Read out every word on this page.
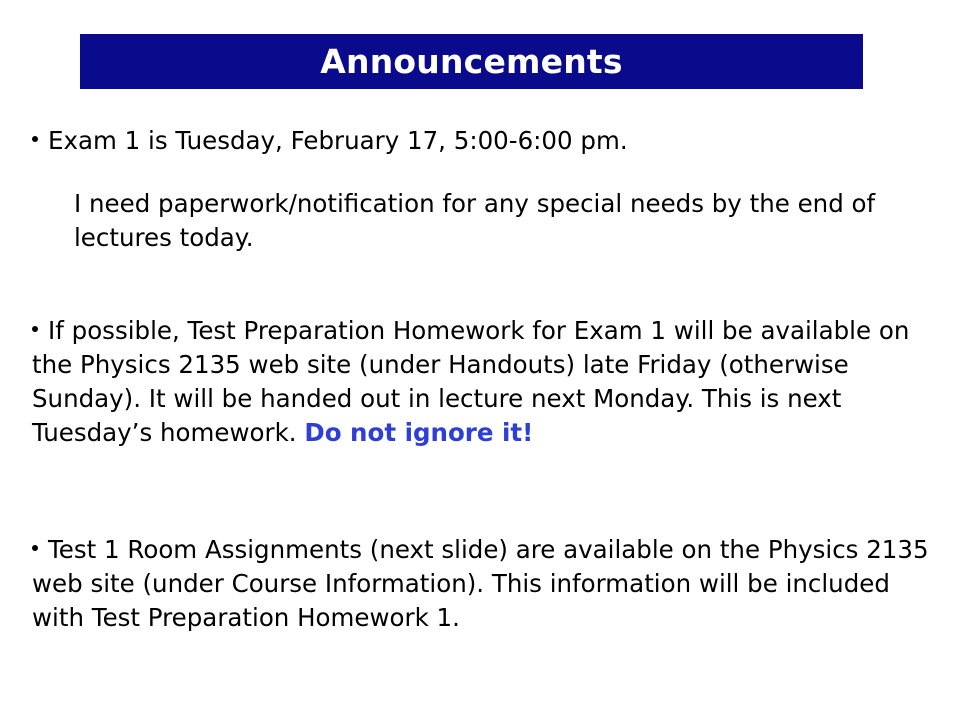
Announcements

Exam 1 is Tuesday, February 17, 5:00-6:00 pm.

I need paperwork/notification for any special needs by the end of lectures today.

If possible, Test Preparation Homework for Exam 1 will be available on the Physics 2135 web site (under Handouts) late Friday (otherwise Sunday). It will be handed out in lecture next Monday. This is next Tuesday’s homework. Do not ignore it!

Test 1 Room Assignments (next slide) are available on the Physics 2135 web site (under Course Information). This information will be included with Test Preparation Homework 1.
